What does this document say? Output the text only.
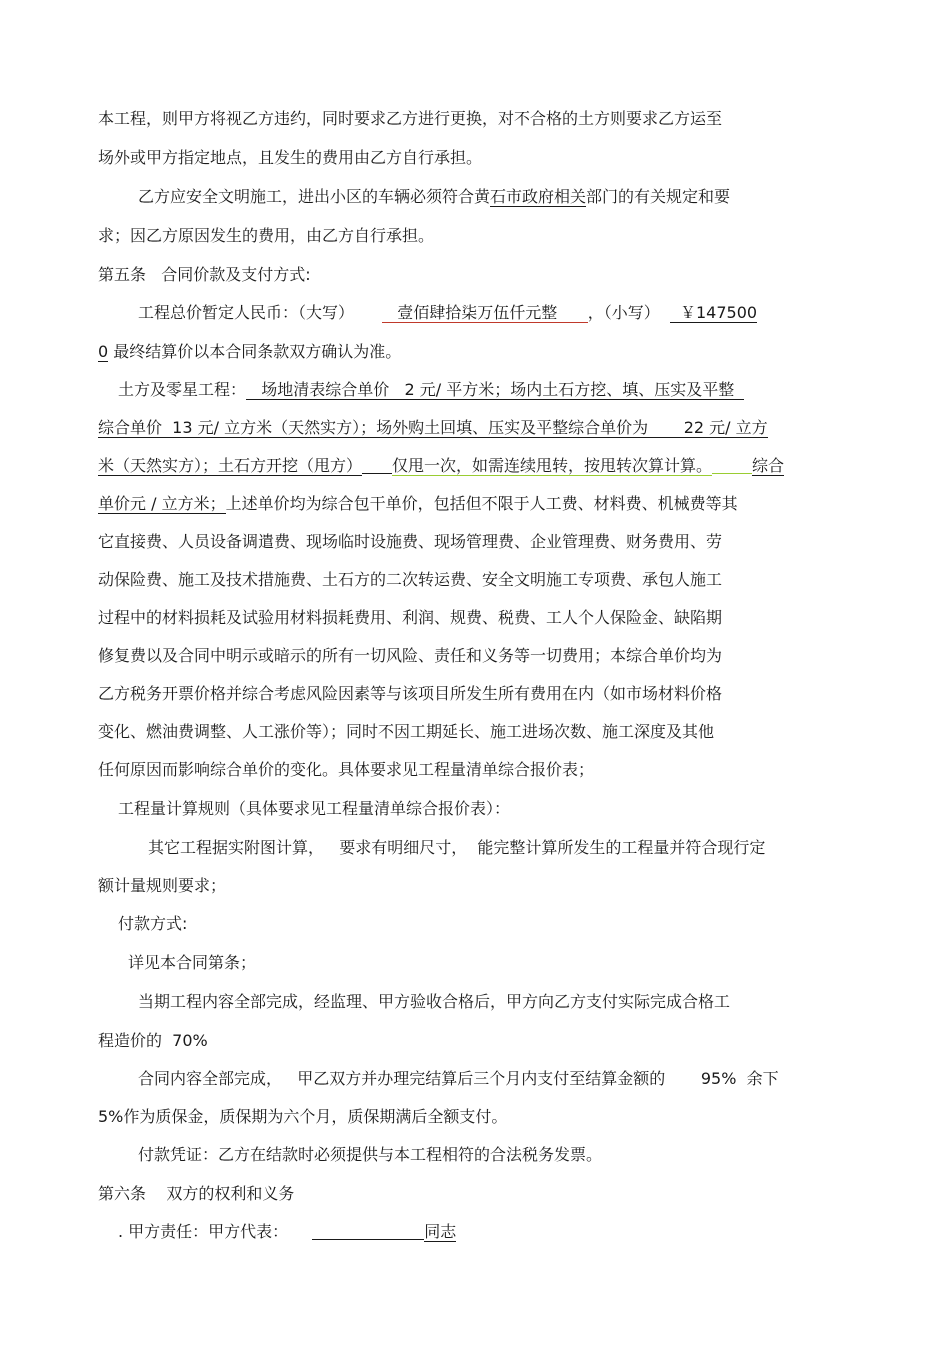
本工程，则甲方将视乙方违约，同时要求乙方进行更换，对不合格的土方则要求乙方运至
场外或甲方指定地点，且发生的费用由乙方自行承担。
乙方应安全文明施工，进出小区的车辆必须符合黄石市政府相关部门的有关规定和要
求；因乙方原因发生的费用，由乙方自行承担。
第五条   合同价款及支付方式:
工程总价暂定人民币：（大写）   壹佰肆拾柒万伍仟元整      ，（小写）  ￥147500
0 最终结算价以本合同条款双方确认为准。
土方及零星工程：   场地清表综合单价   2 元/ 平方米；场内土石方挖、填、压实及平整
综合单价  13 元/ 立方米（天然实方）；场外购土回填、压实及平整综合单价为       22 元/ 立方
米（天然实方）；土石方开挖（甩方） 仅甩一次，如需连续甩转，按甩转次算计算。	综合
单价元 / 立方米；上述单价均为综合包干单价，包括但不限于人工费、材料费、机械费等其
它直接费、人员设备调遣费、现场临时设施费、现场管理费、企业管理费、财务费用、劳
动保险费、施工及技术措施费、土石方的二次转运费、安全文明施工专项费、承包人施工
过程中的材料损耗及试验用材料损耗费用、利润、规费、税费、工人个人保险金、缺陷期
修复费以及合同中明示或暗示的所有一切风险、责任和义务等一切费用；本综合单价均为
乙方税务开票价格并综合考虑风险因素等与该项目所发生所有费用在内（如市场材料价格
变化、燃油费调整、人工涨价等）；同时不因工期延长、施工进场次数、施工深度及其他
任何原因而影响综合单价的变化。具体要求见工程量清单综合报价表；
工程量计算规则（具体要求见工程量清单综合报价表）：
其它工程据实附图计算，   要求有明细尺寸，  能完整计算所发生的工程量并符合现行定
额计量规则要求；
付款方式:
详见本合同第条；
当期工程内容全部完成，经监理、甲方验收合格后，甲方向乙方支付实际完成合格工
程造价的  70%
合同内容全部完成，   甲乙双方并办理完结算后三个月内支付至结算金额的       95%  余下
5%作为质保金，质保期为六个月，质保期满后全额支付。
付款凭证：乙方在结款时必须提供与本工程相符的合法税务发票。
第六条    双方的权利和义务
. 甲方责任：甲方代表：	同志
